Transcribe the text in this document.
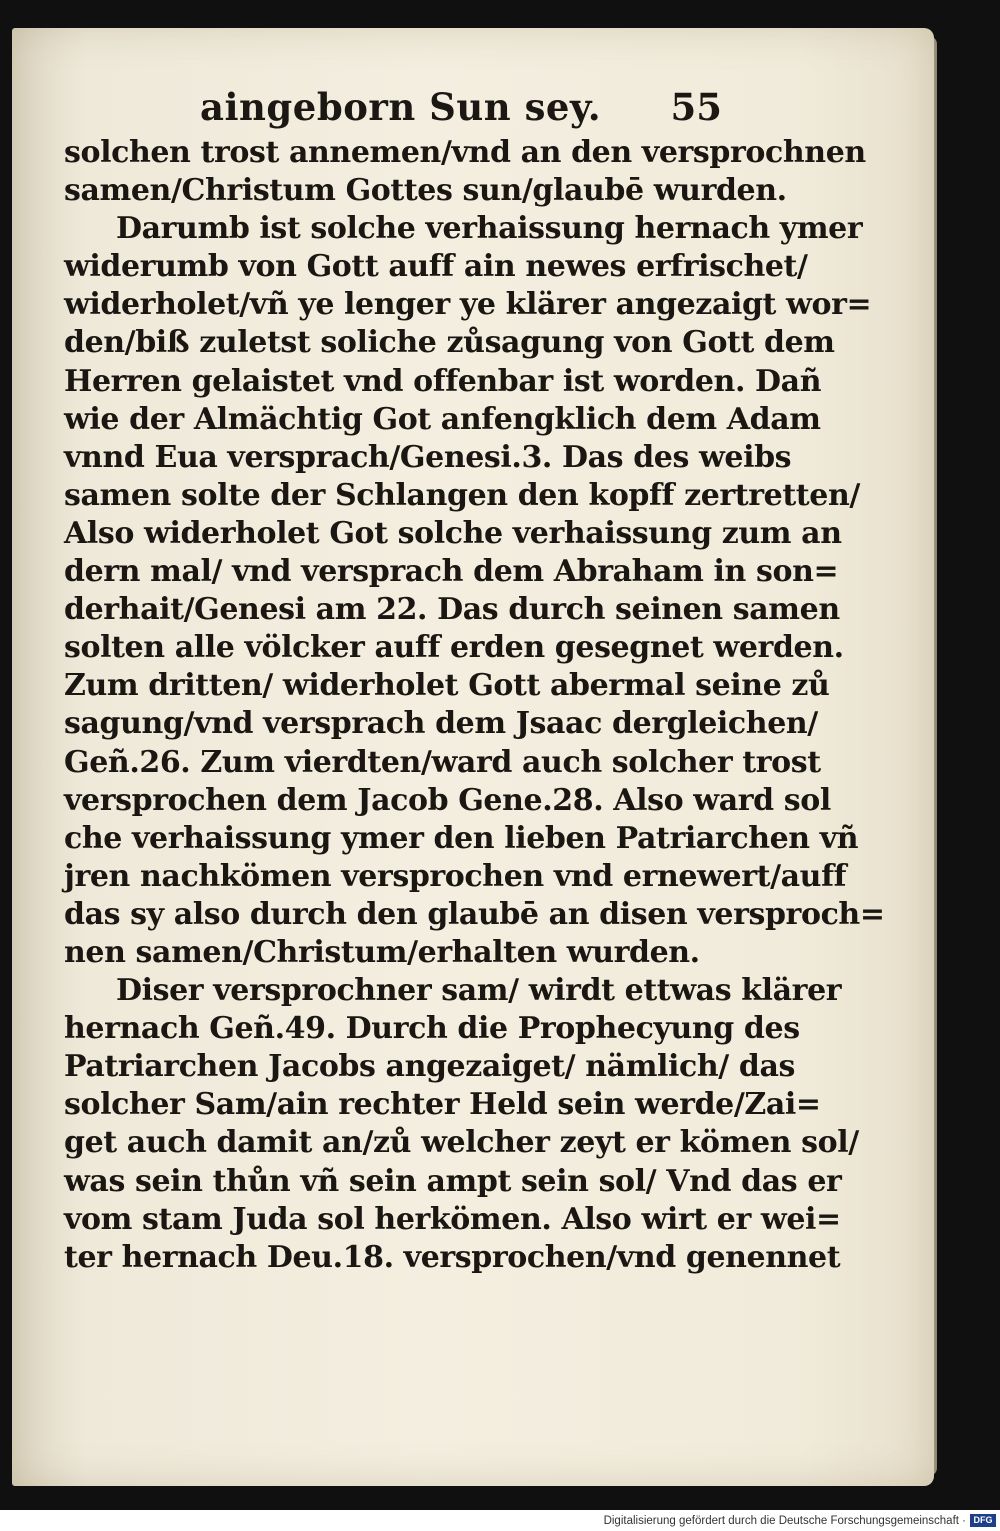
aingeborn Sun sey. 55
solchen trost annemen/vnd an den versprochnen
samen/Christum Gottes sun/glaubē wurden.
Darumb ist solche verhaissung hernach ymer
widerumb von Gott auff ain newes erfrischet/
widerholet/vñ ye lenger ye klärer angezaigt wor=
den/biß zuletst soliche zůsagung von Gott dem
Herren gelaistet vnd offenbar ist worden. Dañ
wie der Almächtig Got anfengklich dem Adam
vnnd Eua versprach/Genesi.3. Das des weibs
samen solte der Schlangen den kopff zertretten/
Also widerholet Got solche verhaissung zum an
dern mal/ vnd versprach dem Abraham in son=
derhait/Genesi am 22. Das durch seinen samen
solten alle völcker auff erden gesegnet werden.
Zum dritten/ widerholet Gott abermal seine zů
sagung/vnd versprach dem Jsaac dergleichen/
Geñ.26. Zum vierdten/ward auch solcher trost
versprochen dem Jacob Gene.28. Also ward sol
che verhaissung ymer den lieben Patriarchen vñ
jren nachkömen versprochen vnd ernewert/auff
das sy also durch den glaubē an disen versproch=
nen samen/Christum/erhalten wurden.
Diser versprochner sam/ wirdt ettwas klärer
hernach Geñ.49. Durch die Prophecyung des
Patriarchen Jacobs angezaiget/ nämlich/ das
solcher Sam/ain rechter Held sein werde/Zai=
get auch damit an/zů welcher zeyt er kömen sol/
was sein thůn vñ sein ampt sein sol/ Vnd das er
vom stam Juda sol herkömen. Also wirt er wei=
ter hernach Deu.18. versprochen/vnd genennet
Digitalisierung gefördert durch die Deutsche Forschungsgemeinschaft · DFG
